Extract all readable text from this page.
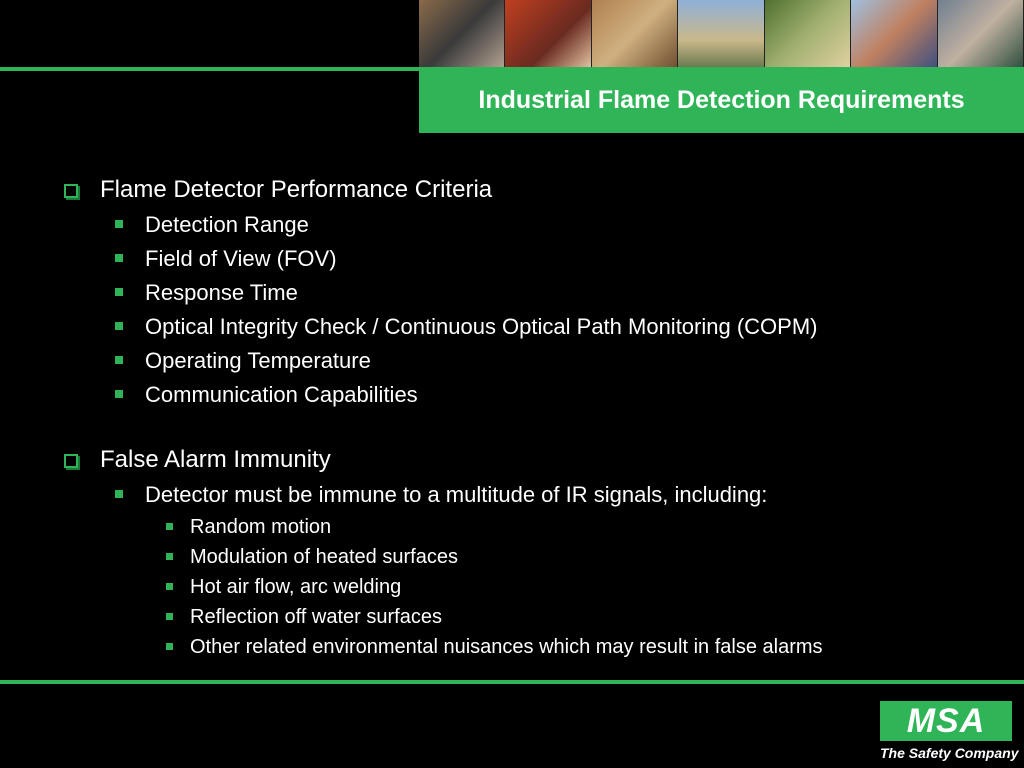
Industrial Flame Detection Requirements
Flame Detector Performance Criteria
Detection Range
Field of View (FOV)
Response Time
Optical Integrity Check / Continuous Optical Path Monitoring (COPM)
Operating Temperature
Communication Capabilities
False Alarm Immunity
Detector must be immune to a multitude of IR signals, including:
Random motion
Modulation of heated surfaces
Hot air flow, arc welding
Reflection off water surfaces
Other related environmental nuisances which may result in false alarms
MSA
The Safety Company
